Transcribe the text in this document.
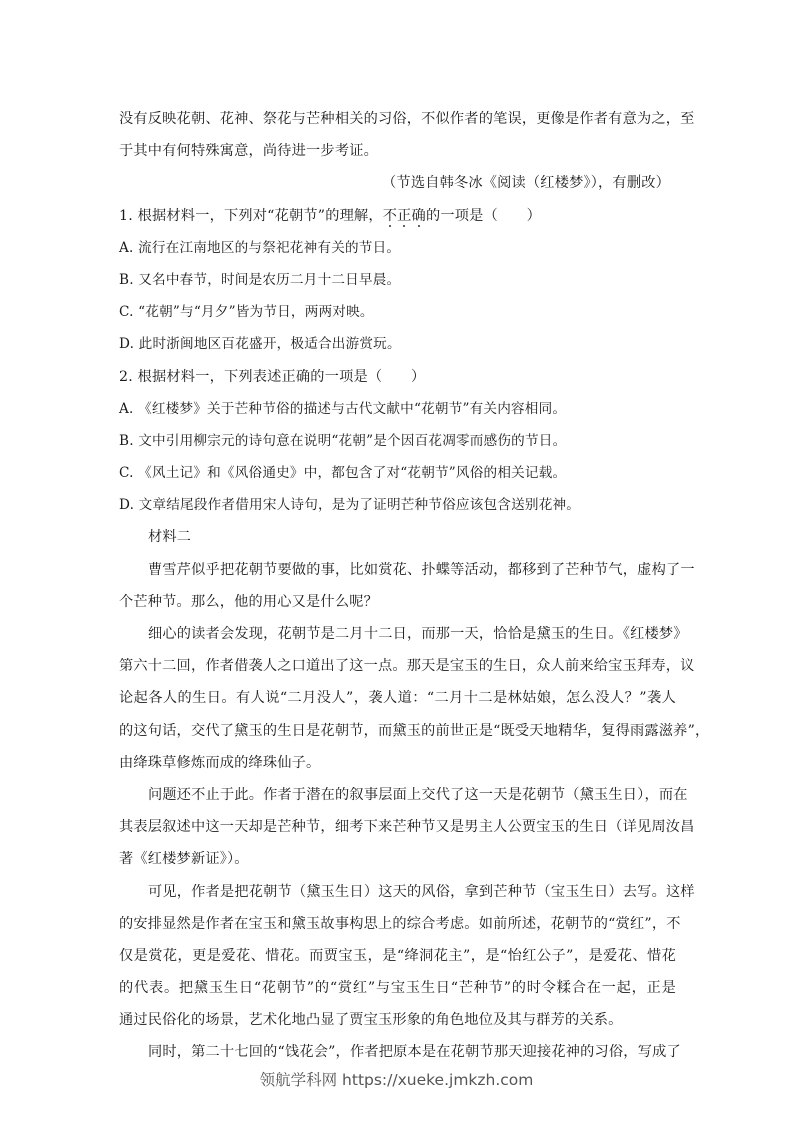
没有反映花朝、花神、祭花与芒种相关的习俗，不似作者的笔误，更像是作者有意为之，至
于其中有何特殊寓意，尚待进一步考证。
（节选自韩冬冰《阅读（红楼梦》），有删改）
1. 根据材料一，下列对“花朝节”的理解，不正确的一项是（　　）
A. 流行在江南地区的与祭祀花神有关的节日。
B. 又名中春节，时间是农历二月十二日早晨。
C. “花朝”与“月夕”皆为节日，两两对映。
D. 此时浙闽地区百花盛开，极适合出游赏玩。
2. 根据材料一，下列表述正确的一项是（　　）
A. 《红楼梦》关于芒种节俗的描述与古代文献中“花朝节”有关内容相同。
B. 文中引用柳宗元的诗句意在说明“花朝”是个因百花凋零而感伤的节日。
C. 《风土记》和《风俗通史》中，都包含了对“花朝节”风俗的相关记载。
D. 文章结尾段作者借用宋人诗句，是为了证明芒种节俗应该包含送别花神。
材料二
曹雪芹似乎把花朝节要做的事，比如赏花、扑蝶等活动，都移到了芒种节气，虚构了一
个芒种节。那么，他的用心又是什么呢？
细心的读者会发现，花朝节是二月十二日，而那一天，恰恰是黛玉的生日。《红楼梦》
第六十二回，作者借袭人之口道出了这一点。那天是宝玉的生日，众人前来给宝玉拜寿，议
论起各人的生日。有人说“二月没人”，袭人道：“二月十二是林姑娘，怎么没人？”袭人
的这句话，交代了黛玉的生日是花朝节，而黛玉的前世正是“既受天地精华，复得雨露滋养”，
由绛珠草修炼而成的绛珠仙子。
问题还不止于此。作者于潜在的叙事层面上交代了这一天是花朝节（黛玉生日），而在
其表层叙述中这一天却是芒种节，细考下来芒种节又是男主人公贾宝玉的生日（详见周汝昌
著《红楼梦新证》）。
可见，作者是把花朝节（黛玉生日）这天的风俗，拿到芒种节（宝玉生日）去写。这样
的安排显然是作者在宝玉和黛玉故事构思上的综合考虑。如前所述，花朝节的“赏红”，不
仅是赏花，更是爱花、惜花。而贾宝玉，是“绛洞花主”，是“怡红公子”，是爱花、惜花
的代表。把黛玉生日“花朝节”的“赏红”与宝玉生日“芒种节”的时令糅合在一起，正是
通过民俗化的场景，艺术化地凸显了贾宝玉形象的角色地位及其与群芳的关系。
同时，第二十七回的“饯花会”，作者把原本是在花朝节那天迎接花神的习俗，写成了
领航学科网 https://xueke.jmkzh.com
